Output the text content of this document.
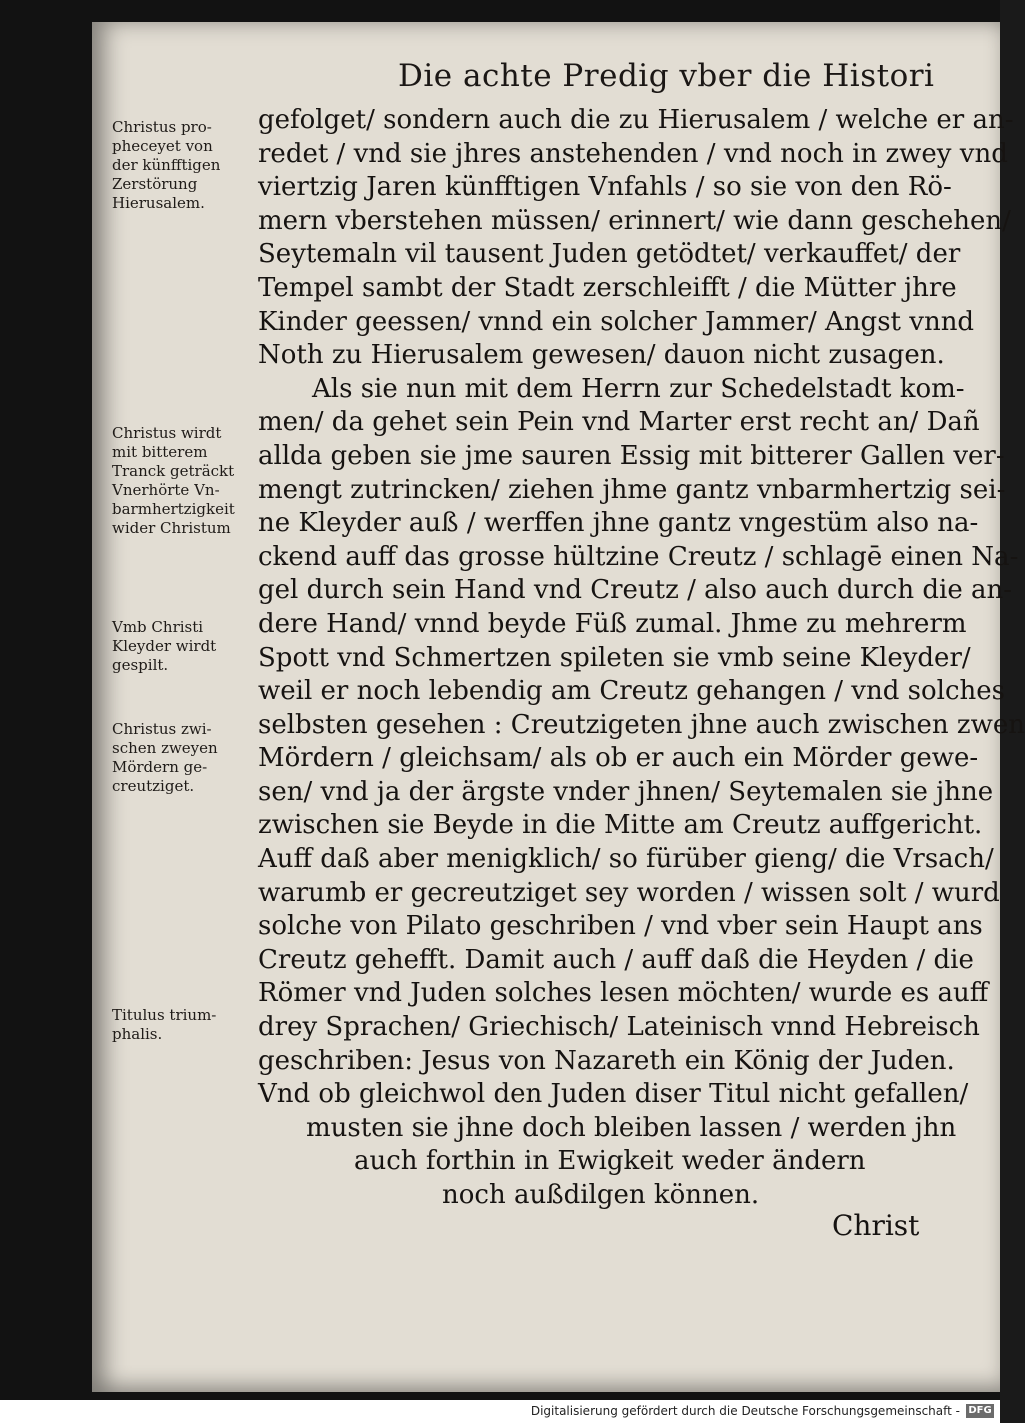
Die achte Predig vber die Histori
Christus pro-
pheceyet von
der künfftigen
Zerstörung
Hierusalem.
Christus wirdt
mit bitterem
Tranck geträckt
Vnerhörte Vn-
barmhertzigkeit
wider Christum
Vmb Christi
Kleyder wirdt
gespilt.
Christus zwi-
schen zweyen
Mördern ge-
creutziget.
Titulus trium-
phalis.
gefolget/ sondern auch die zu Hierusalem / welche er an-
redet / vnd sie jhres anstehenden / vnd noch in zwey vnd
viertzig Jaren künfftigen Vnfahls / so sie von den Rö-
mern vberstehen müssen/ erinnert/ wie dann geschehen/
Seytemaln vil tausent Juden getödtet/ verkauffet/ der
Tempel sambt der Stadt zerschleifft / die Mütter jhre
Kinder geessen/ vnnd ein solcher Jammer/ Angst vnnd
Noth zu Hierusalem gewesen/ dauon nicht zusagen.
Als sie nun mit dem Herrn zur Schedelstadt kom-
men/ da gehet sein Pein vnd Marter erst recht an/ Dañ
allda geben sie jme sauren Essig mit bitterer Gallen ver-
mengt zutrincken/ ziehen jhme gantz vnbarmhertzig sei-
ne Kleyder auß / werffen jhne gantz vngestüm also na-
ckend auff das grosse hültzine Creutz / schlagē einen Na-
gel durch sein Hand vnd Creutz / also auch durch die an-
dere Hand/ vnnd beyde Füß zumal. Jhme zu mehrerm
Spott vnd Schmertzen spileten sie vmb seine Kleyder/
weil er noch lebendig am Creutz gehangen / vnd solches
selbsten gesehen : Creutzigeten jhne auch zwischen zwen
Mördern / gleichsam/ als ob er auch ein Mörder gewe-
sen/ vnd ja der ärgste vnder jhnen/ Seytemalen sie jhne
zwischen sie Beyde in die Mitte am Creutz auffgericht.
Auff daß aber menigklich/ so fürüber gieng/ die Vrsach/
warumb er gecreutziget sey worden / wissen solt / wurd
solche von Pilato geschriben / vnd vber sein Haupt ans
Creutz gehefft. Damit auch / auff daß die Heyden / die
Römer vnd Juden solches lesen möchten/ wurde es auff
drey Sprachen/ Griechisch/ Lateinisch vnnd Hebreisch
geschriben: Jesus von Nazareth ein König der Juden.
Vnd ob gleichwol den Juden diser Titul nicht gefallen/
musten sie jhne doch bleiben lassen / werden jhn
auch forthin in Ewigkeit weder ändern
noch außdilgen können.
Christ
Digitalisierung gefördert durch die Deutsche Forschungsgemeinschaft - DFG
